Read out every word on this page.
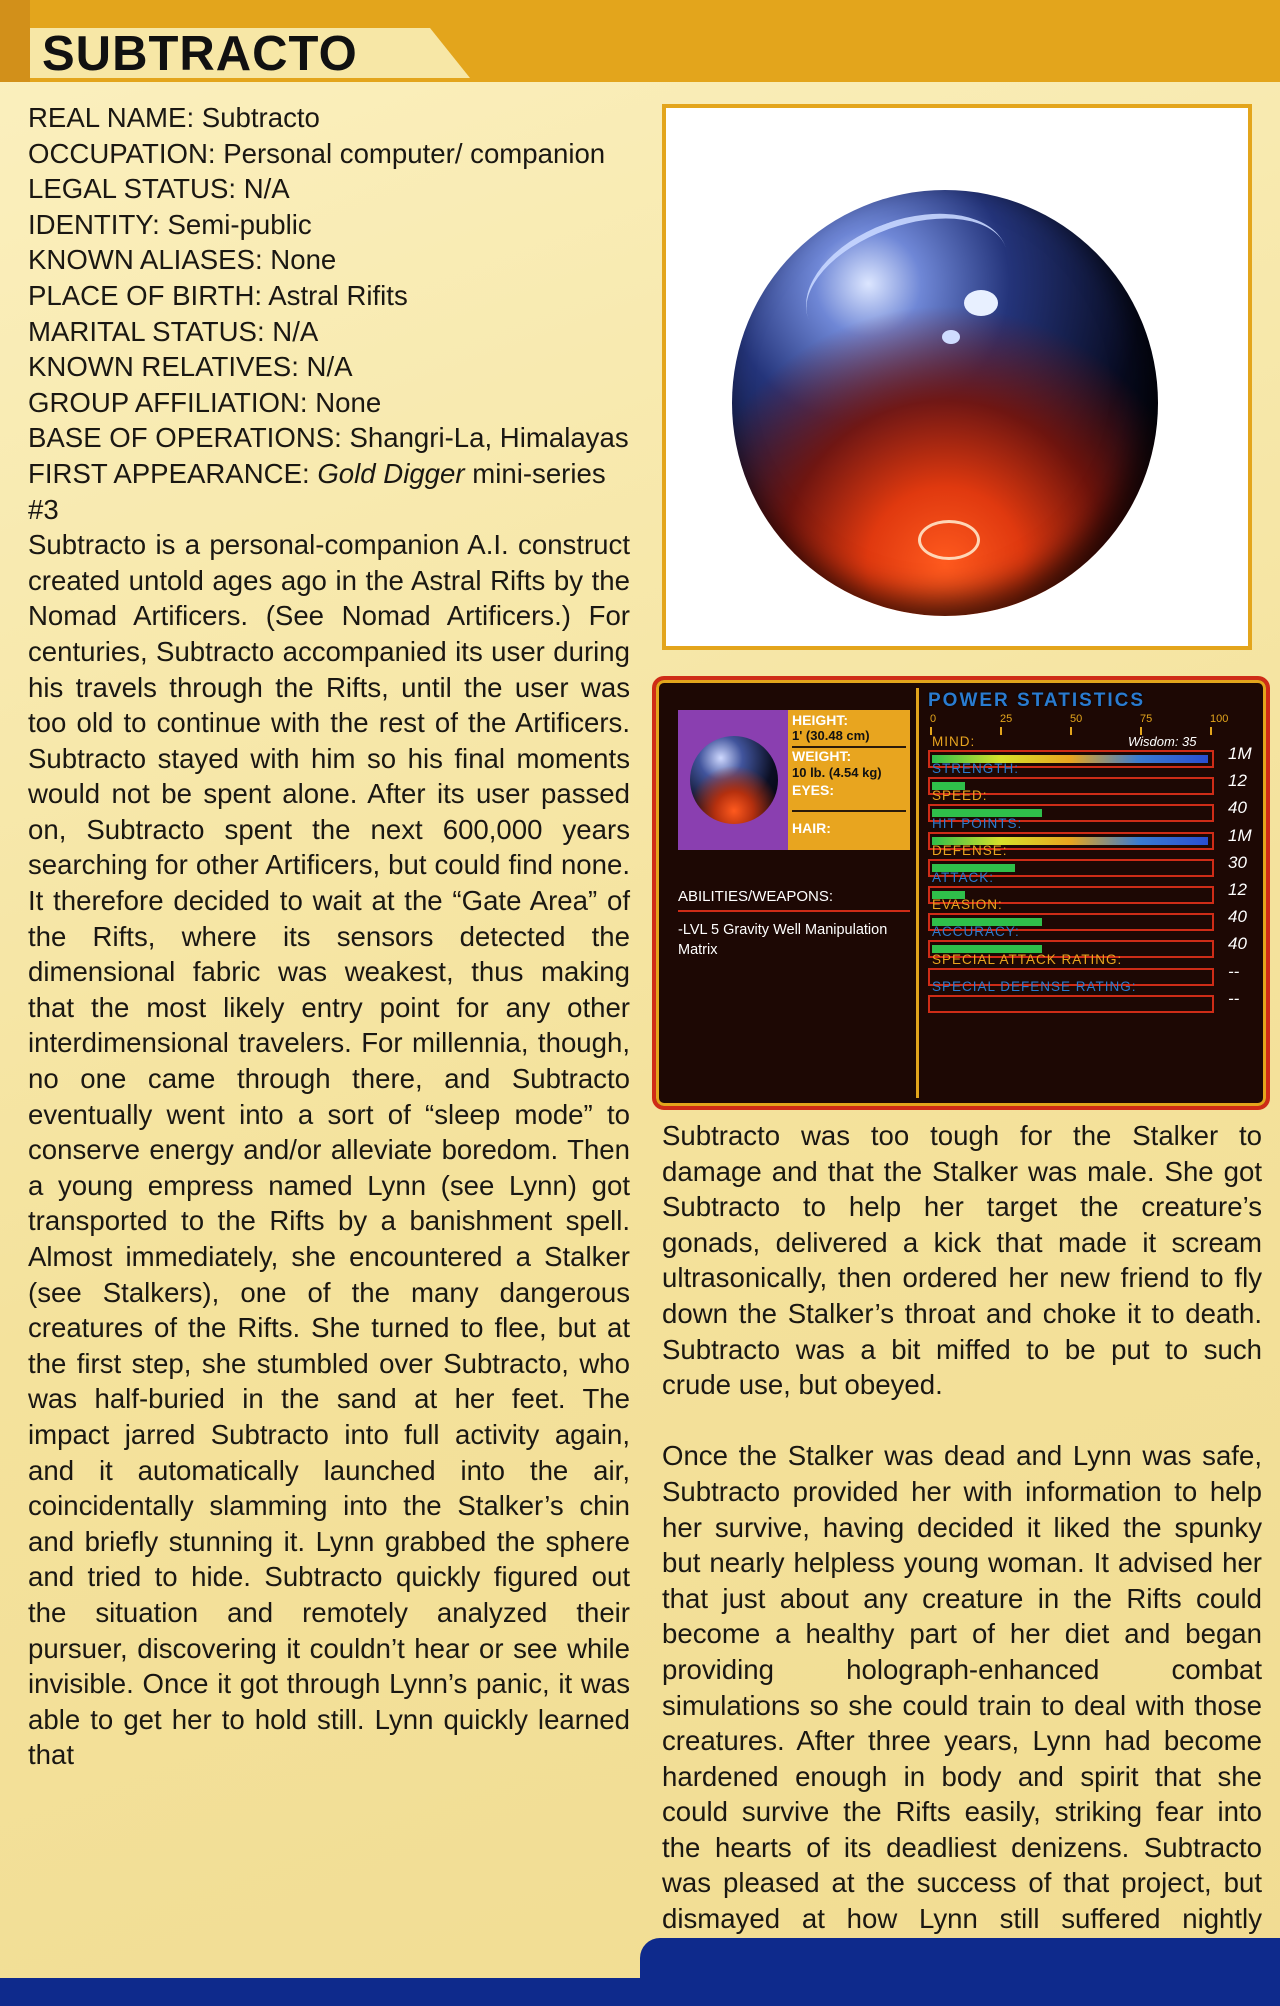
SUBTRACTO

REAL NAME: Subtracto

OCCUPATION: Personal computer/ companion

LEGAL STATUS: N/A

IDENTITY: Semi-public

KNOWN ALIASES: None

PLACE OF BIRTH: Astral Rifits

MARITAL STATUS: N/A

KNOWN RELATIVES: N/A

GROUP AFFILIATION: None

BASE OF OPERATIONS: Shangri-La, Himalayas

FIRST APPEARANCE: Gold Digger mini-series #3

Subtracto is a personal-companion A.I. construct created untold ages ago in the Astral Rifts by the Nomad Artificers. (See Nomad Artificers.) For centuries, Subtracto accompanied its user during his travels through the Rifts, until the user was too old to continue with the rest of the Artificers. Subtracto stayed with him so his final moments would not be spent alone. After its user passed on, Subtracto spent the next 600,000 years searching for other Artificers, but could find none. It therefore decided to wait at the “Gate Area” of the Rifts, where its sensors detected the dimensional fabric was weakest, thus making that the most likely entry point for any other interdimensional travelers. For millennia, though, no one came through there, and Subtracto eventually went into a sort of “sleep mode” to conserve energy and/or alleviate boredom. Then a young empress named Lynn (see Lynn) got transported to the Rifts by a banishment spell. Almost immediately, she encountered a Stalker (see Stalkers), one of the many dangerous creatures of the Rifts. She turned to flee, but at the first step, she stumbled over Subtracto, who was half-buried in the sand at her feet. The impact jarred Subtracto into full activity again, and it automatically launched into the air, coincidentally slamming into the Stalker’s chin and briefly stunning it. Lynn grabbed the sphere and tried to hide. Subtracto quickly figured out the situation and remotely analyzed their pursuer, discovering it couldn’t hear or see while invisible. Once it got through Lynn’s panic, it was able to get her to hold still. Lynn quickly learned that

HEIGHT:
1' (30.48 cm)
WEIGHT:
10 lb. (4.54 kg)
EYES:
HAIR:
ABILITIES/WEAPONS:
-LVL 5 Gravity Well Manipulation Matrix
POWER STATISTICS
0	25	50	75	100
MIND:	Wisdom: 35
1M
STRENGTH:
12
SPEED:
40
HIT POINTS:
1M
DEFENSE:
30
ATTACK:
12
EVASION:
40
ACCURACY:
40
SPECIAL ATTACK RATING:
--
SPECIAL DEFENSE RATING:
--

Subtracto was too tough for the Stalker to damage and that the Stalker was male. She got Subtracto to help her target the creature’s gonads, delivered a kick that made it scream ultrasonically, then ordered her new friend to fly down the Stalker’s throat and choke it to death. Subtracto was a bit miffed to be put to such crude use, but obeyed.

Once the Stalker was dead and Lynn was safe, Subtracto provided her with information to help her survive, having decided it liked the spunky but nearly helpless young woman. It advised her that just about any creature in the Rifts could become a healthy part of her diet and began providing holograph-enhanced combat simulations so she could train to deal with those creatures. After three years, Lynn had become hardened enough in body and spirit that she could survive the Rifts easily, striking fear into the hearts of its deadliest denizens. Subtracto was pleased at the success of that project, but dismayed at how Lynn still suffered nightly
